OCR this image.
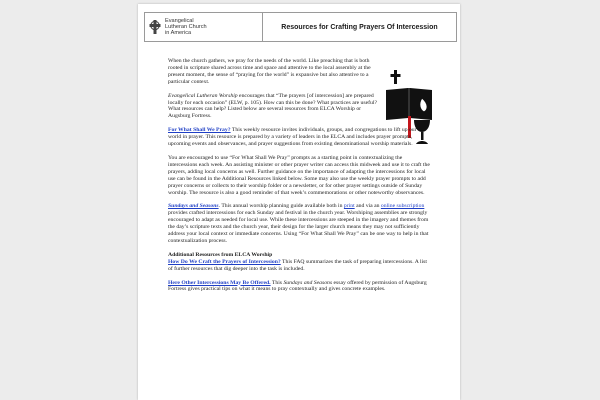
Evangelical
Lutheran Church
in America
Resources for Crafting Prayers Of Intercession

When the church gathers, we pray for the needs of the world. Like preaching that is both rooted in scripture shared across time and space and attentive to the local assembly at the present moment, the sense of “praying for the world” is expansive but also attentive to a particular context.

Evangelical Lutheran Worship encourages that “The prayers [of intercession] are prepared locally for each occasion” (ELW, p. 105). How can this be done? What practices are useful? What resources can help? Listed below are several resources from ELCA Worship or Augsburg Fortress.

For What Shall We Pray? This weekly resource invites individuals, groups, and congregations to lift up our world in prayer. This resource is prepared by a variety of leaders in the ELCA and includes prayer prompts, upcoming events and observances, and prayer suggestions from existing denominational worship materials.

You are encouraged to use “For What Shall We Pray” prompts as a starting point in contextualizing the intercessions each week. An assisting minister or other prayer writer can access this midweek and use it to craft the prayers, adding local concerns as well. Further guidance on the importance of adapting the intercessions for local use can be found in the Additional Resources linked below. Some may also use the weekly prayer prompts to add prayer concerns or collects to their worship folder or a newsletter, or for other prayer settings outside of Sunday worship. The resource is also a good reminder of that week’s commemorations or other noteworthy observances.

Sundays and Seasons. This annual worship planning guide available both in print and via an online subscription provides crafted intercessions for each Sunday and festival in the church year. Worshiping assemblies are strongly encouraged to adapt as needed for local use. While these intercessions are steeped in the imagery and themes from the day’s scripture texts and the church year, their design for the larger church means they may not sufficiently address your local context or immediate concerns. Using “For What Shall We Pray” can be one way to help in that contextualization process.

Additional Resources from ELCA Worship
How Do We Craft the Prayers of Intercession? This FAQ summarizes the task of preparing intercessions. A list of further resources that dig deeper into the task is included.

Here Other Intercessions May Be Offered. This Sundays and Seasons essay offered by permission of Augsburg Fortress gives practical tips on what it means to pray contextually and gives concrete examples.
